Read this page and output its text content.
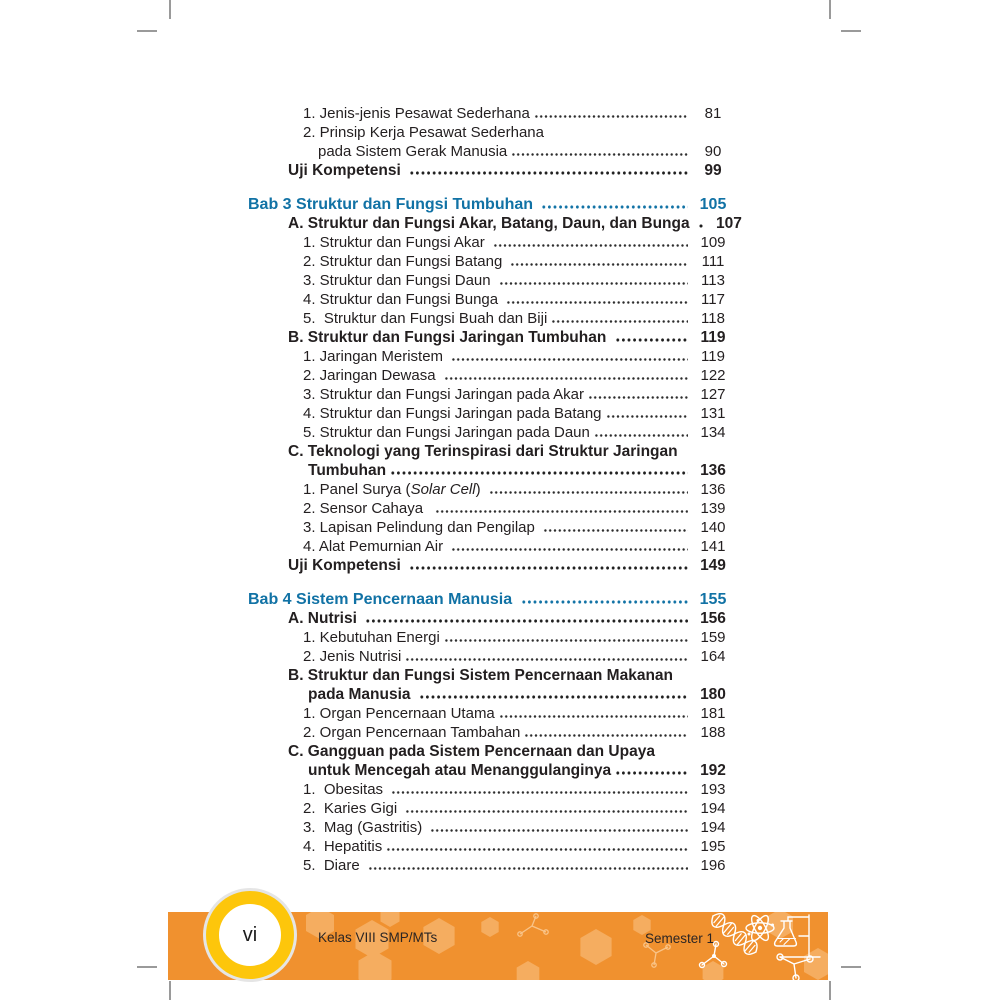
1. Jenis-jenis Pesawat Sederhana	81
2. Prinsip Kerja Pesawat Sederhana
pada Sistem Gerak Manusia	90
Uji Kompetensi	99
Bab 3 Struktur dan Fungsi Tumbuhan	105
A. Struktur dan Fungsi Akar, Batang, Daun, dan Bunga	107
1. Struktur dan Fungsi Akar	109
2. Struktur dan Fungsi Batang	111
3. Struktur dan Fungsi Daun	113
4. Struktur dan Fungsi Bunga	117
5.  Struktur dan Fungsi Buah dan Biji	118
B. Struktur dan Fungsi Jaringan Tumbuhan	119
1. Jaringan Meristem	119
2. Jaringan Dewasa	122
3. Struktur dan Fungsi Jaringan pada Akar	127
4. Struktur dan Fungsi Jaringan pada Batang	131
5. Struktur dan Fungsi Jaringan pada Daun	134
C. Teknologi yang Terinspirasi dari Struktur Jaringan
Tumbuhan	136
1. Panel Surya (Solar Cell)	136
2. Sensor Cahaya	139
3. Lapisan Pelindung dan Pengilap	140
4. Alat Pemurnian Air	141
Uji Kompetensi	149
Bab 4 Sistem Pencernaan Manusia	155
A. Nutrisi	156
1. Kebutuhan Energi	159
2. Jenis Nutrisi	164
B. Struktur dan Fungsi Sistem Pencernaan Makanan
pada Manusia	180
1. Organ Pencernaan Utama	181
2. Organ Pencernaan Tambahan	188
C. Gangguan pada Sistem Pencernaan dan Upaya
untuk Mencegah atau Menanggulanginya	192
1.  Obesitas	193
2.  Karies Gigi	194
3.  Mag (Gastritis)	194
4.  Hepatitis	195
5.  Diare	196
vi	Kelas VIII SMP/MTs	Semester 1
